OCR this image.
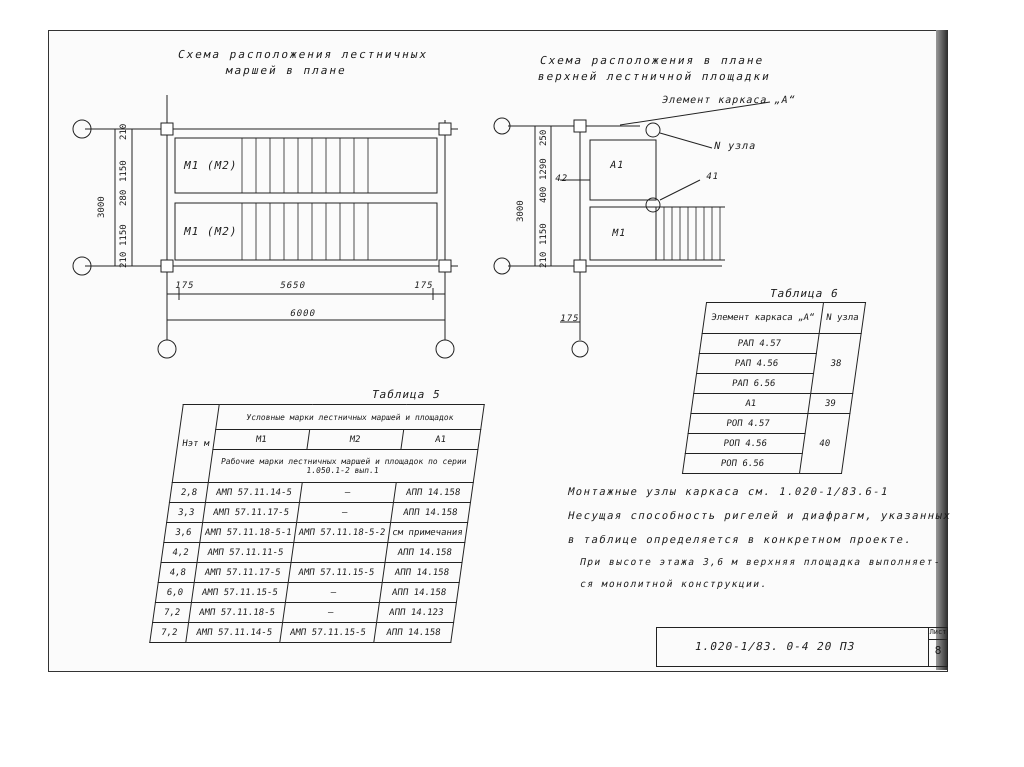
Схема расположения лестничных
маршей в плане
М1 (М2)
М1 (М2)
3000
210
1150
280
1150
210
175	5650	175
6000
Схема расположения в плане
верхней лестничной площадки
Элемент каркаса „А“
N узла
А1
М1
41
42
3000
250
1290
400
1150
210
175
Таблица 6
Элемент каркаса „А“	N узла
РАП 4.57	38
РАП 4.56	
РАП 6.56	
А1	39
РОП 4.57	40
РОП 4.56	
РОП 6.56	
Таблица 5
Нэт м	Условные марки лестничных маршей и площадок		
	М1	М2	А1
	Рабочие марки лестничных маршей и площадок по серии 1.050.1-2 вып.1		
2,8	АМП 57.11.14-5	—	АПП 14.158
3,3	АМП 57.11.17-5	—	АПП 14.158
3,6	АМП 57.11.18-5-1	АМП 57.11.18-5-2	см примечания
4,2	АМП 57.11.11-5		АПП 14.158
4,8	АМП 57.11.17-5	АМП 57.11.15-5	АПП 14.158
6,0	АМП 57.11.15-5	—	АПП 14.158
7,2	АМП 57.11.18-5	—	АПП 14.123
7,2	АМП 57.11.14-5	АМП 57.11.15-5	АПП 14.158
Монтажные узлы каркаса см. 1.020-1/83.6-1
Несущая способность ригелей и диафрагм, указанных
в таблице определяется в конкретном проекте.
При высоте этажа 3,6 м верхняя площадка выполняет-
ся монолитной конструкции.
1.020-1/83. 0-4 20 ПЗ
Лист
8
